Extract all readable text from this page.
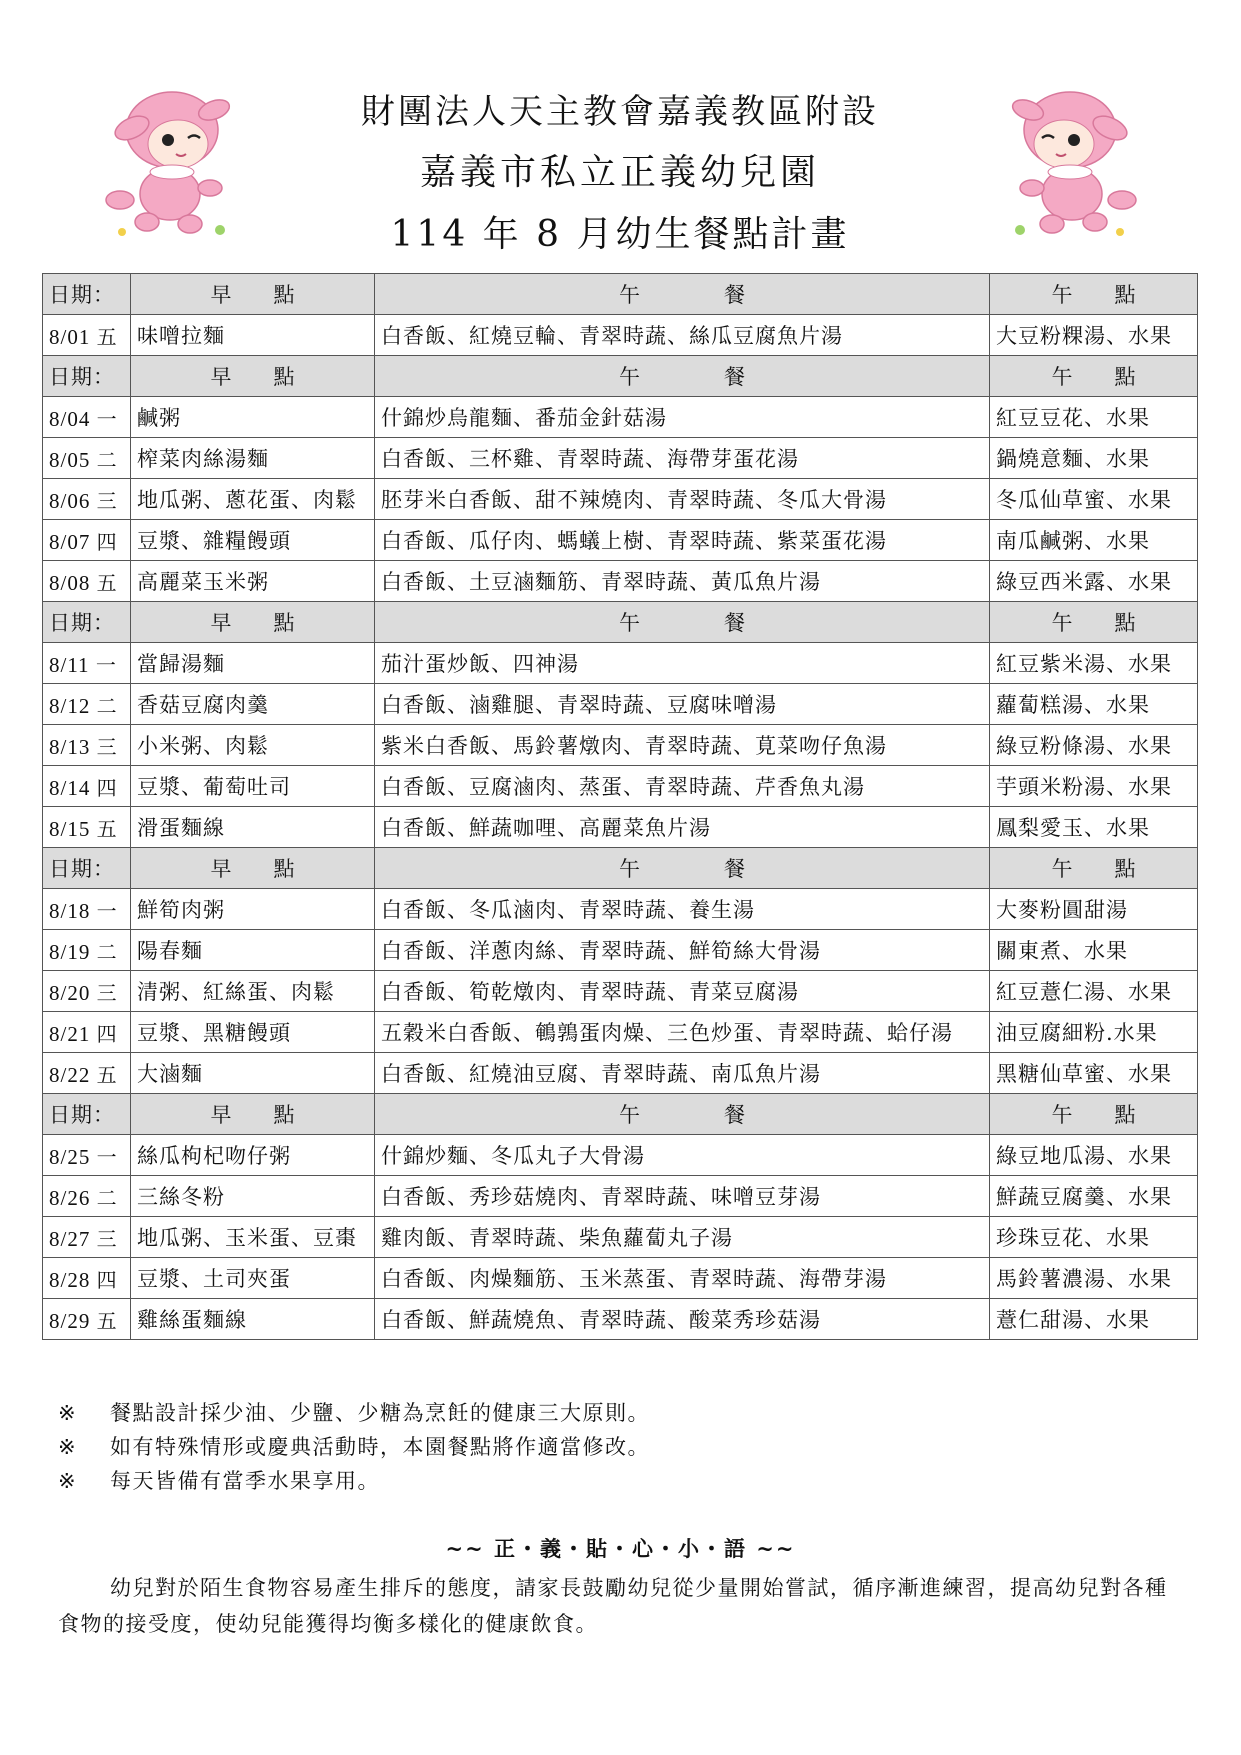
財團法人天主教會嘉義教區附設
嘉義市私立正義幼兒園
114 年 8 月幼生餐點計畫
日期：	早　　點	午　　　　餐	午　　點
8/01 五	味噌拉麵	白香飯、紅燒豆輪、青翠時蔬、絲瓜豆腐魚片湯	大豆粉粿湯、水果
日期：	早　　點	午　　　　餐	午　　點
8/04 一	鹹粥	什錦炒烏龍麵、番茄金針菇湯	紅豆豆花、水果
8/05 二	榨菜肉絲湯麵	白香飯、三杯雞、青翠時蔬、海帶芽蛋花湯	鍋燒意麵、水果
8/06 三	地瓜粥、蔥花蛋、肉鬆	胚芽米白香飯、甜不辣燒肉、青翠時蔬、冬瓜大骨湯	冬瓜仙草蜜、水果
8/07 四	豆漿、雜糧饅頭	白香飯、瓜仔肉、螞蟻上樹、青翠時蔬、紫菜蛋花湯	南瓜鹹粥、水果
8/08 五	高麗菜玉米粥	白香飯、土豆滷麵筋、青翠時蔬、黃瓜魚片湯	綠豆西米露、水果
日期：	早　　點	午　　　　餐	午　　點
8/11 一	當歸湯麵	茄汁蛋炒飯、四神湯	紅豆紫米湯、水果
8/12 二	香菇豆腐肉羹	白香飯、滷雞腿、青翠時蔬、豆腐味噌湯	蘿蔔糕湯、水果
8/13 三	小米粥、肉鬆	紫米白香飯、馬鈴薯燉肉、青翠時蔬、莧菜吻仔魚湯	綠豆粉條湯、水果
8/14 四	豆漿、葡萄吐司	白香飯、豆腐滷肉、蒸蛋、青翠時蔬、芹香魚丸湯	芋頭米粉湯、水果
8/15 五	滑蛋麵線	白香飯、鮮蔬咖哩、高麗菜魚片湯	鳳梨愛玉、水果
日期：	早　　點	午　　　　餐	午　　點
8/18 一	鮮筍肉粥	白香飯、冬瓜滷肉、青翠時蔬、養生湯	大麥粉圓甜湯
8/19 二	陽春麵	白香飯、洋蔥肉絲、青翠時蔬、鮮筍絲大骨湯	關東煮、水果
8/20 三	清粥、紅絲蛋、肉鬆	白香飯、筍乾燉肉、青翠時蔬、青菜豆腐湯	紅豆薏仁湯、水果
8/21 四	豆漿、黑糖饅頭	五穀米白香飯、鵪鶉蛋肉燥、三色炒蛋、青翠時蔬、蛤仔湯	油豆腐細粉.水果
8/22 五	大滷麵	白香飯、紅燒油豆腐、青翠時蔬、南瓜魚片湯	黑糖仙草蜜、水果
日期：	早　　點	午　　　　餐	午　　點
8/25 一	絲瓜枸杞吻仔粥	什錦炒麵、冬瓜丸子大骨湯	綠豆地瓜湯、水果
8/26 二	三絲冬粉	白香飯、秀珍菇燒肉、青翠時蔬、味噌豆芽湯	鮮蔬豆腐羹、水果
8/27 三	地瓜粥、玉米蛋、豆棗	雞肉飯、青翠時蔬、柴魚蘿蔔丸子湯	珍珠豆花、水果
8/28 四	豆漿、土司夾蛋	白香飯、肉燥麵筋、玉米蒸蛋、青翠時蔬、海帶芽湯	馬鈴薯濃湯、水果
8/29 五	雞絲蛋麵線	白香飯、鮮蔬燒魚、青翠時蔬、酸菜秀珍菇湯	薏仁甜湯、水果
※ 餐點設計採少油、少鹽、少糖為烹飪的健康三大原則。
※ 如有特殊情形或慶典活動時，本園餐點將作適當修改。
※ 每天皆備有當季水果享用。
~~ 正・義・貼・心・小・語 ~~
幼兒對於陌生食物容易產生排斥的態度，請家長鼓勵幼兒從少量開始嘗試，循序漸進練習，提高幼兒對各種食物的接受度，使幼兒能獲得均衡多樣化的健康飲食。
